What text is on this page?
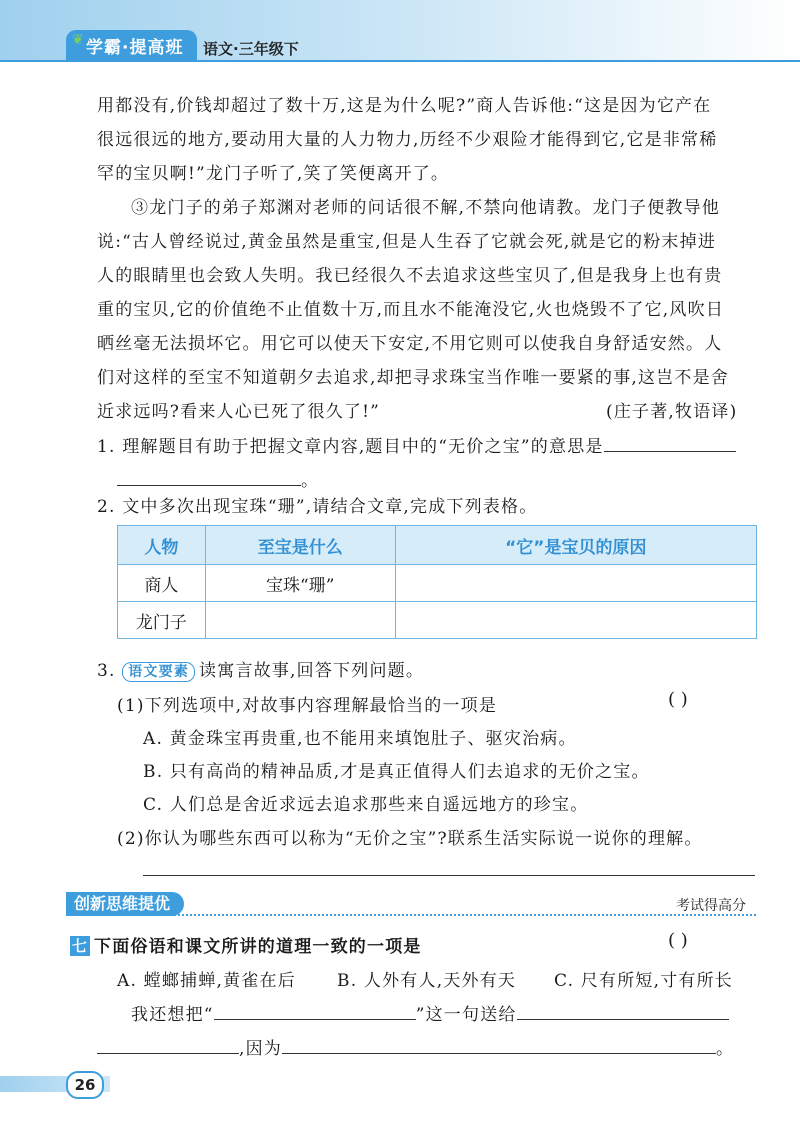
❦ 学霸·提高班 语文·三年级下
用都没有,价钱却超过了数十万,这是为什么呢?”商人告诉他:“这是因为它产在
很远很远的地方,要动用大量的人力物力,历经不少艰险才能得到它,它是非常稀
罕的宝贝啊!”龙门子听了,笑了笑便离开了。
③龙门子的弟子郑渊对老师的问话很不解,不禁向他请教。龙门子便教导他
说:“古人曾经说过,黄金虽然是重宝,但是人生吞了它就会死,就是它的粉末掉进
人的眼睛里也会致人失明。我已经很久不去追求这些宝贝了,但是我身上也有贵
重的宝贝,它的价值绝不止值数十万,而且水不能淹没它,火也烧毁不了它,风吹日
晒丝毫无法损坏它。用它可以使天下安定,不用它则可以使我自身舒适安然。人
们对这样的至宝不知道朝夕去追求,却把寻求珠宝当作唯一要紧的事,这岂不是舍
近求远吗?看来人心已死了很久了!”	(庄子著,牧语译)
1. 理解题目有助于把握文章内容,题目中的“无价之宝”的意思是
。
2. 文中多次出现宝珠“珊”,请结合文章,完成下列表格。
人物	至宝是什么	“它”是宝贝的原因
商人	宝珠“珊”	
龙门子		
3. 语文要素 读寓言故事,回答下列问题。
(1)下列选项中,对故事内容理解最恰当的一项是	( )
A. 黄金珠宝再贵重,也不能用来填饱肚子、驱灾治病。
B. 只有高尚的精神品质,才是真正值得人们去追求的无价之宝。
C. 人们总是舍近求远去追求那些来自遥远地方的珍宝。
(2)你认为哪些东西可以称为“无价之宝”?联系生活实际说一说你的理解。
创新思维提优	考试得高分
七 下面俗语和课文所讲的道理一致的一项是	( )
A. 螳螂捕蝉,黄雀在后 B. 人外有人,天外有天 C. 尺有所短,寸有所长
我还想把“	”这一句送给
,因为	。
26
